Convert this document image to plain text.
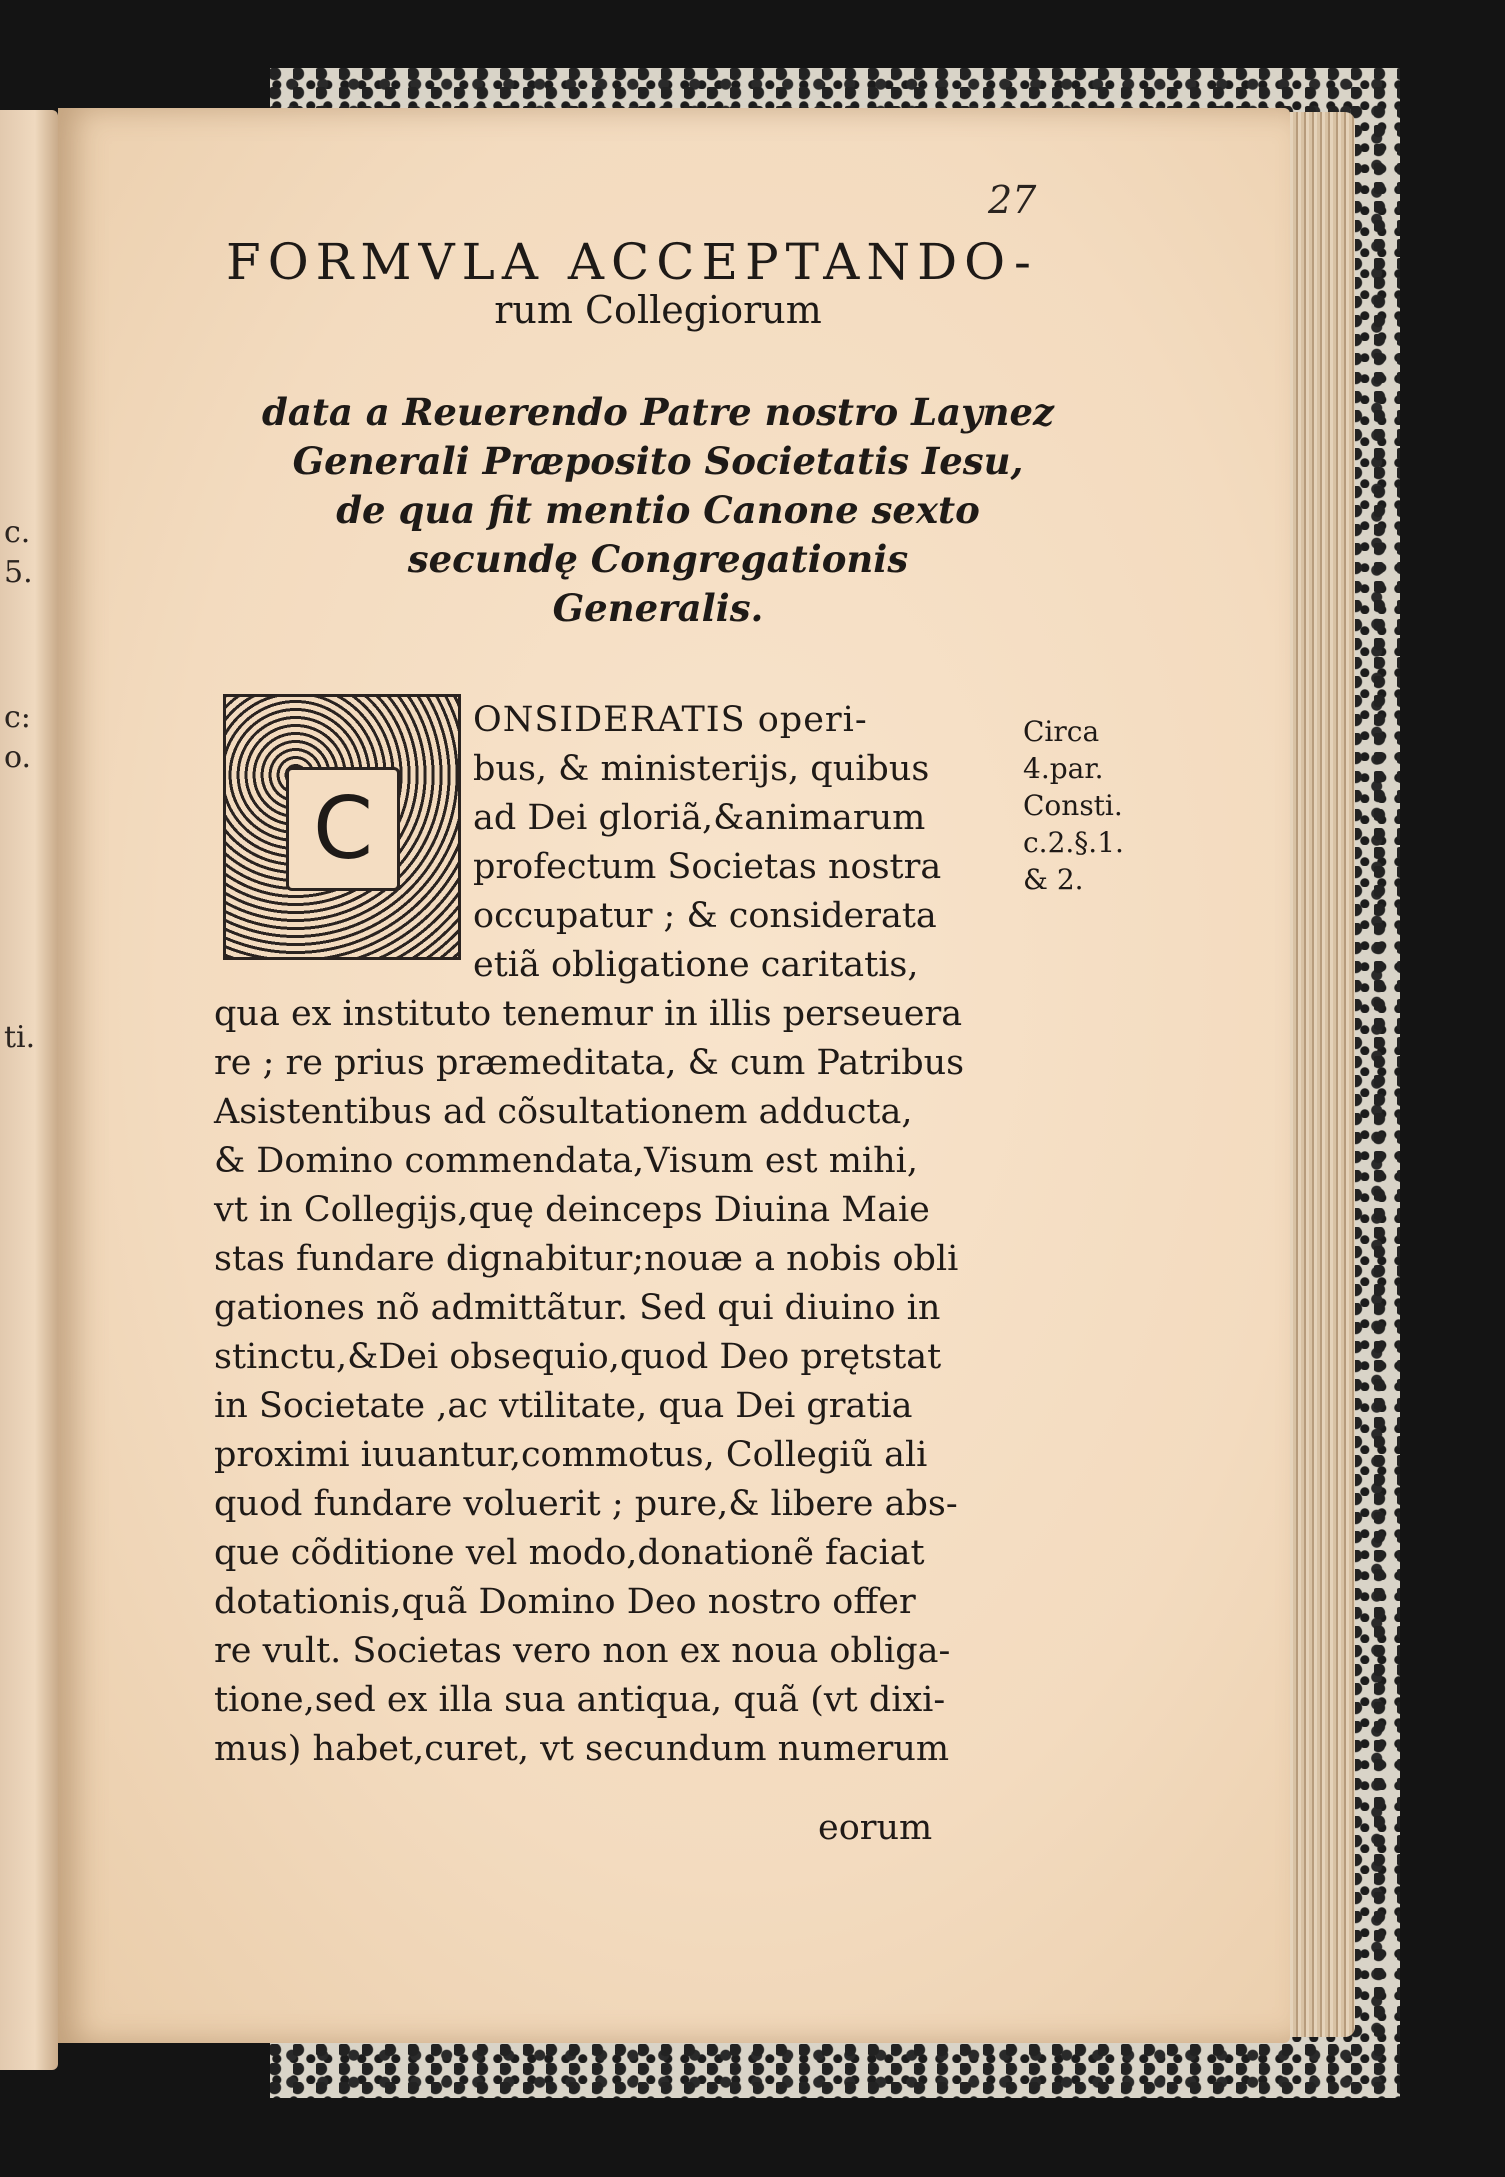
c.
5.
c:
o.
ti.
27
FORMVLA ACCEPTANDO-
rum Collegiorum
data a Reuerendo Patre nostro Laynez
Generali Præposito Societatis Iesu,
de qua fit mentio Canone sexto
secundę Congregationis
Generalis.
C
ONSIDERATIS operi-
bus, & ministerijs, quibus
ad Dei gloriã,&animarum
profectum Societas nostra
occupatur ; & considerata
etiã obligatione caritatis,
qua ex instituto tenemur in illis perseuera
re ; re prius præmeditata, & cum Patribus
Asistentibus ad cõsultationem adducta,
& Domino commendata,Visum est mihi,
vt in Collegijs,quę deinceps Diuina Maie
stas fundare dignabitur;nouæ a nobis obli
gationes nõ admittãtur. Sed qui diuino in
stinctu,&Dei obsequio,quod Deo prętstat
in Societate ,ac vtilitate, qua Dei gratia
proximi iuuantur,commotus, Collegiũ ali
quod fundare voluerit ; pure,& libere abs-
que cõditione vel modo,donationẽ faciat
dotationis,quã Domino Deo nostro offer
re vult. Societas vero non ex noua obliga-
tione,sed ex illa sua antiqua, quã (vt dixi-
mus) habet,curet, vt secundum numerum
eorum
Circa
4.par.
Consti.
c.2.§.1.
& 2.
